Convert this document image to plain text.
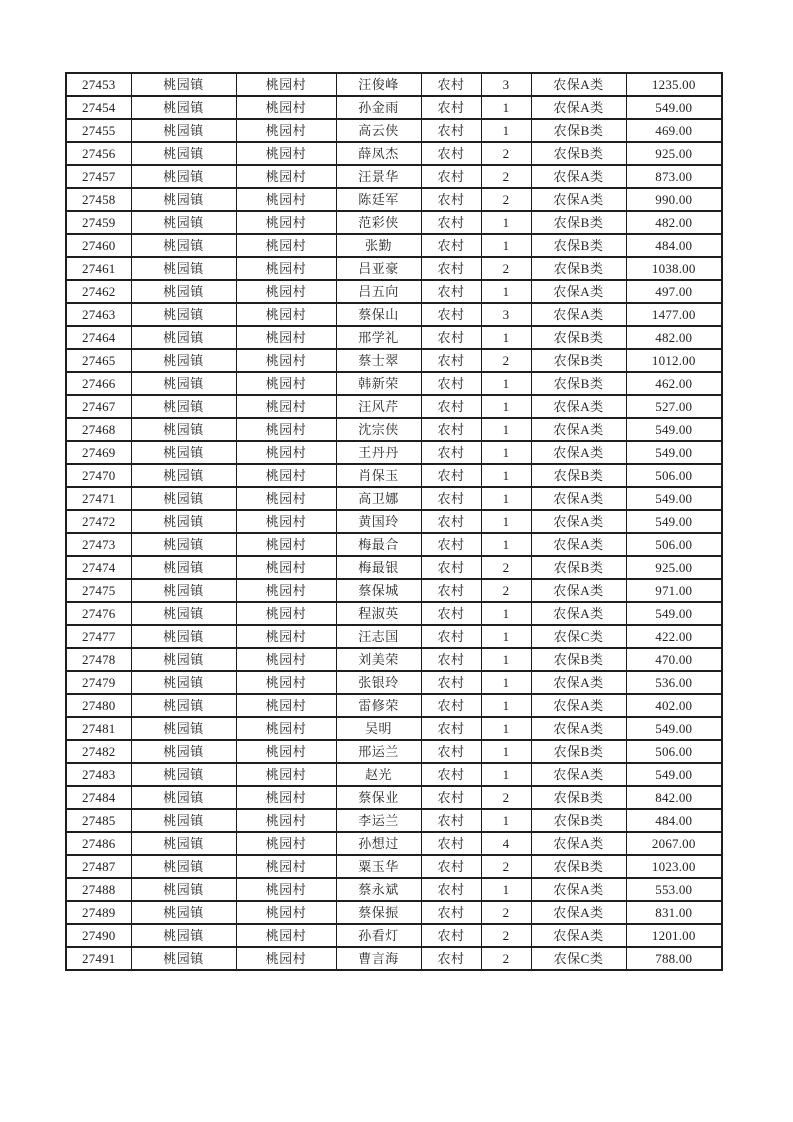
27453	桃园镇	桃园村	汪俊峰	农村	3	农保A类	1235.00
27454	桃园镇	桃园村	孙金雨	农村	1	农保A类	549.00
27455	桃园镇	桃园村	高云侠	农村	1	农保B类	469.00
27456	桃园镇	桃园村	薛凤杰	农村	2	农保B类	925.00
27457	桃园镇	桃园村	汪景华	农村	2	农保A类	873.00
27458	桃园镇	桃园村	陈廷军	农村	2	农保A类	990.00
27459	桃园镇	桃园村	范彩侠	农村	1	农保B类	482.00
27460	桃园镇	桃园村	张勤	农村	1	农保B类	484.00
27461	桃园镇	桃园村	吕亚豪	农村	2	农保B类	1038.00
27462	桃园镇	桃园村	吕五向	农村	1	农保A类	497.00
27463	桃园镇	桃园村	蔡保山	农村	3	农保A类	1477.00
27464	桃园镇	桃园村	邢学礼	农村	1	农保B类	482.00
27465	桃园镇	桃园村	蔡士翠	农村	2	农保B类	1012.00
27466	桃园镇	桃园村	韩新荣	农村	1	农保B类	462.00
27467	桃园镇	桃园村	汪风芹	农村	1	农保A类	527.00
27468	桃园镇	桃园村	沈宗侠	农村	1	农保A类	549.00
27469	桃园镇	桃园村	王丹丹	农村	1	农保A类	549.00
27470	桃园镇	桃园村	肖保玉	农村	1	农保B类	506.00
27471	桃园镇	桃园村	高卫娜	农村	1	农保A类	549.00
27472	桃园镇	桃园村	黄国玲	农村	1	农保A类	549.00
27473	桃园镇	桃园村	梅最合	农村	1	农保A类	506.00
27474	桃园镇	桃园村	梅最银	农村	2	农保B类	925.00
27475	桃园镇	桃园村	蔡保城	农村	2	农保A类	971.00
27476	桃园镇	桃园村	程淑英	农村	1	农保A类	549.00
27477	桃园镇	桃园村	汪志国	农村	1	农保C类	422.00
27478	桃园镇	桃园村	刘美荣	农村	1	农保B类	470.00
27479	桃园镇	桃园村	张银玲	农村	1	农保A类	536.00
27480	桃园镇	桃园村	雷修荣	农村	1	农保A类	402.00
27481	桃园镇	桃园村	吴明	农村	1	农保A类	549.00
27482	桃园镇	桃园村	邢运兰	农村	1	农保B类	506.00
27483	桃园镇	桃园村	赵光	农村	1	农保A类	549.00
27484	桃园镇	桃园村	蔡保业	农村	2	农保B类	842.00
27485	桃园镇	桃园村	李运兰	农村	1	农保B类	484.00
27486	桃园镇	桃园村	孙想过	农村	4	农保A类	2067.00
27487	桃园镇	桃园村	粟玉华	农村	2	农保B类	1023.00
27488	桃园镇	桃园村	蔡永斌	农村	1	农保A类	553.00
27489	桃园镇	桃园村	蔡保振	农村	2	农保A类	831.00
27490	桃园镇	桃园村	孙看灯	农村	2	农保A类	1201.00
27491	桃园镇	桃园村	曹言海	农村	2	农保C类	788.00
